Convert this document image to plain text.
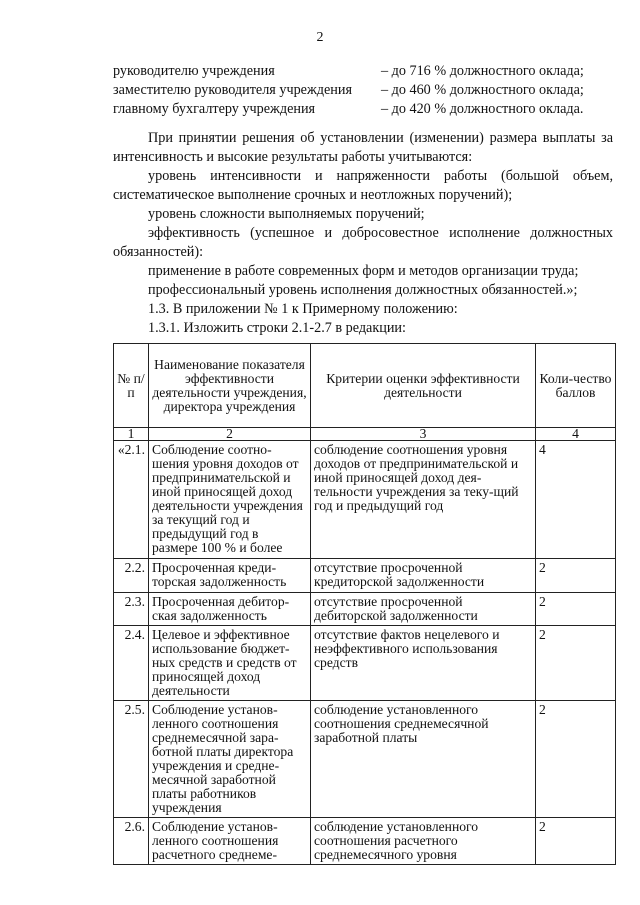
2
руководителю учреждения	– до 716 % должностного оклада;
заместителю руководителя учреждения – до 460 % должностного оклада;
главному бухгалтеру учреждения	– до 420 % должностного оклада.
При принятии решения об установлении (изменении) размера выплаты за интенсивность и высокие результаты работы учитываются:
уровень интенсивности и напряженности работы (большой объем, систематическое выполнение срочных и неотложных поручений);
уровень сложности выполняемых поручений;
эффективность (успешное и добросовестное исполнение должностных обязанностей):
применение в работе современных форм и методов организации труда;
профессиональный уровень исполнения должностных обязанностей.»;
1.3. В приложении № 1 к Примерному положению:
1.3.1. Изложить строки 2.1-2.7 в редакции:
№ п/п	Наименование показателя эффективности деятельности учреждения, директора учреждения	Критерии оценки эффективности деятельности	Коли-чество баллов
1	2	3	4
«2.1.	Соблюдение соотно-шения уровня доходов от предпринимательской и иной приносящей доход деятельности учреждения за текущий год и предыдущий год в размере 100 % и более	соблюдение соотношения уровня доходов от предпринимательской и иной приносящей доход дея-тельности учреждения за теку-щий год и предыдущий год	4
2.2.	Просроченная креди-торская задолженность	отсутствие просроченной кредиторской задолженности	2
2.3.	Просроченная дебитор-ская задолженность	отсутствие просроченной дебиторской задолженности	2
2.4.	Целевое и эффективное использование бюджет-ных средств и средств от приносящей доход деятельности	отсутствие фактов нецелевого и неэффективного использования средств	2
2.5.	Соблюдение установ-ленного соотношения среднемесячной зара-ботной платы директора учреждения и средне-месячной заработной платы работников учреждения	соблюдение установленного соотношения среднемесячной заработной платы	2
2.6.	Соблюдение установ-ленного соотношения расчетного среднеме-	соблюдение установленного соотношения расчетного среднемесячного уровня	2
